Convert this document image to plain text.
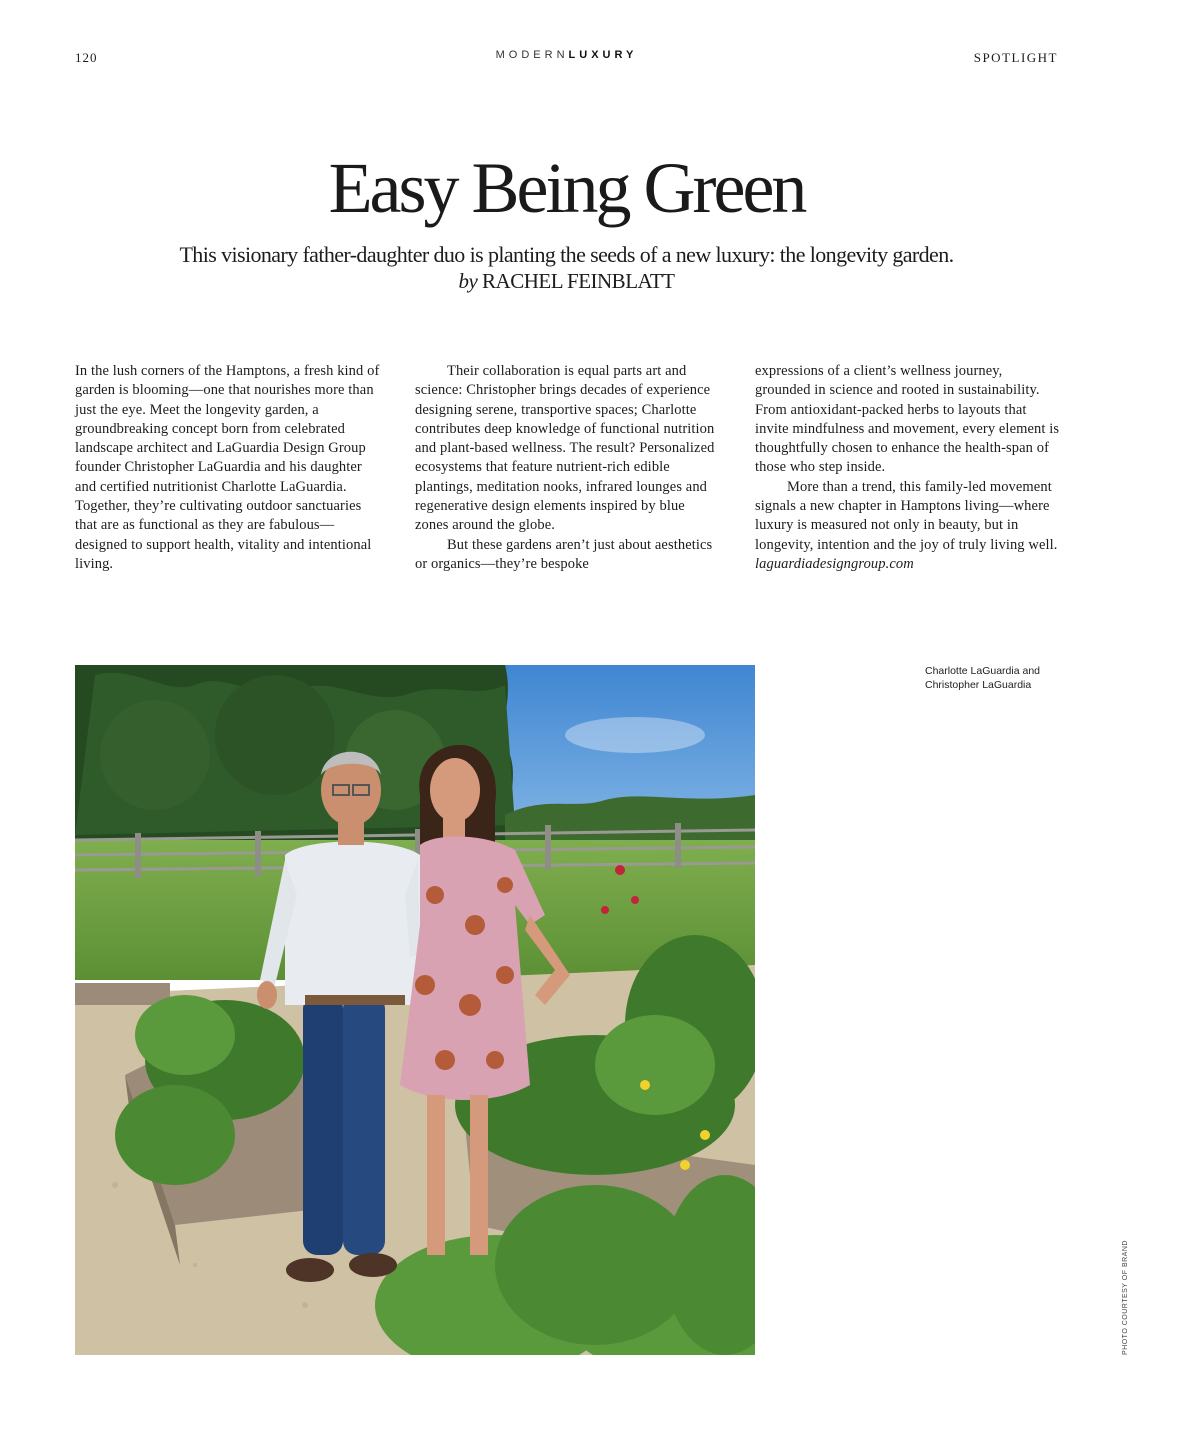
120	MODERNLUXURY	SPOTLIGHT
Easy Being Green

This visionary father-daughter duo is planting the seeds of a new luxury: the longevity garden.

by RACHEL FEINBLATT

In the lush corners of the Hamptons, a fresh kind of garden is blooming—one that nourishes more than just the eye. Meet the longevity garden, a groundbreaking concept born from celebrated landscape architect and LaGuardia Design Group founder Christopher LaGuardia and his daughter and certified nutritionist Charlotte LaGuardia. Together, they’re cultivating outdoor sanctuaries that are as functional as they are fabulous—designed to support health, vitality and intentional living.

Their collaboration is equal parts art and science: Christopher brings decades of experience designing serene, transportive spaces; Charlotte contributes deep knowledge of functional nutrition and plant-based wellness. The result? Personalized ecosystems that feature nutrient-rich edible plantings, meditation nooks, infrared lounges and regenerative design elements inspired by blue zones around the globe.

But these gardens aren’t just about aesthetics or organics—they’re bespoke

expressions of a client’s wellness journey, grounded in science and rooted in sustainability. From antioxidant-packed herbs to layouts that invite mindfulness and movement, every element is thoughtfully chosen to enhance the health-span of those who step inside.

More than a trend, this family-led movement signals a new chapter in Hamptons living—where luxury is measured not only in beauty, but in longevity, intention and the joy of truly living well.

laguardiadesigngroup.com
Charlotte LaGuardia and Christopher LaGuardia
PHOTO COURTESY OF BRAND
